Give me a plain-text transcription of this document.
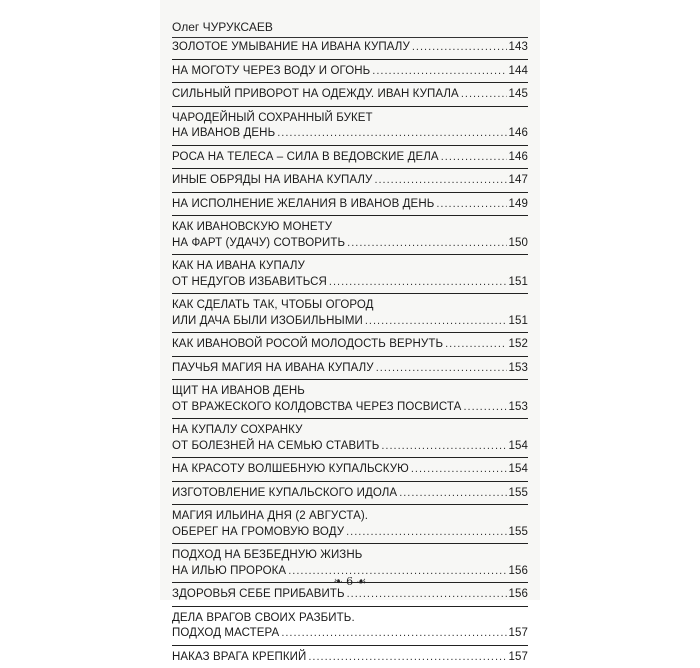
Олег ЧУРУКСАЕВ
ЗОЛОТОЕ УМЫВАНИЕ НА ИВАНА КУПАЛУ .....	143
НА МОГОТУ ЧЕРЕЗ ВОДУ И ОГОНЬ .....	144
СИЛЬНЫЙ ПРИВОРОТ НА ОДЕЖДУ. ИВАН КУПАЛА .....	145
ЧАРОДЕЙНЫЙ СОХРАННЫЙ БУКЕТ
НА ИВАНОВ ДЕНЬ .....	146
РОСА НА ТЕЛЕСА – СИЛА В ВЕДОВСКИЕ ДЕЛА .....	146
ИНЫЕ ОБРЯДЫ НА ИВАНА КУПАЛУ .....	147
НА ИСПОЛНЕНИЕ ЖЕЛАНИЯ В ИВАНОВ ДЕНЬ .....	149
КАК ИВАНОВСКУЮ МОНЕТУ
НА ФАРТ (УДАЧУ) СОТВОРИТЬ .....	150
КАК НА ИВАНА КУПАЛУ
ОТ НЕДУГОВ ИЗБАВИТЬСЯ .....	151
КАК СДЕЛАТЬ ТАК, ЧТОБЫ ОГОРОД
ИЛИ ДАЧА БЫЛИ ИЗОБИЛЬНЫМИ .....	151
КАК ИВАНОВОЙ РОСОЙ МОЛОДОСТЬ ВЕРНУТЬ .....	152
ПАУЧЬЯ МАГИЯ НА ИВАНА КУПАЛУ .....	153
ЩИТ НА ИВАНОВ ДЕНЬ
ОТ ВРАЖЕСКОГО КОЛДОВСТВА ЧЕРЕЗ ПОСВИСТА .....	153
НА КУПАЛУ СОХРАНКУ
ОТ БОЛЕЗНЕЙ НА СЕМЬЮ СТАВИТЬ .....	154
НА КРАСОТУ ВОЛШЕБНУЮ КУПАЛЬСКУЮ .....	154
ИЗГОТОВЛЕНИЕ КУПАЛЬСКОГО ИДОЛА .....	155
МАГИЯ ИЛЬИНА ДНЯ (2 АВГУСТА).
ОБЕРЕГ НА ГРОМОВУЮ ВОДУ .....	155
ПОДХОД НА БЕЗБЕДНУЮ ЖИЗНЬ
НА ИЛЬЮ ПРОРОКА .....	156
ЗДОРОВЬЯ СЕБЕ ПРИБАВИТЬ .....	156
ДЕЛА ВРАГОВ СВОИХ РАЗБИТЬ.
ПОДХОД МАСТЕРА .....	157
НАКАЗ ВРАГА КРЕПКИЙ .....	157
❧ 6 ☙
